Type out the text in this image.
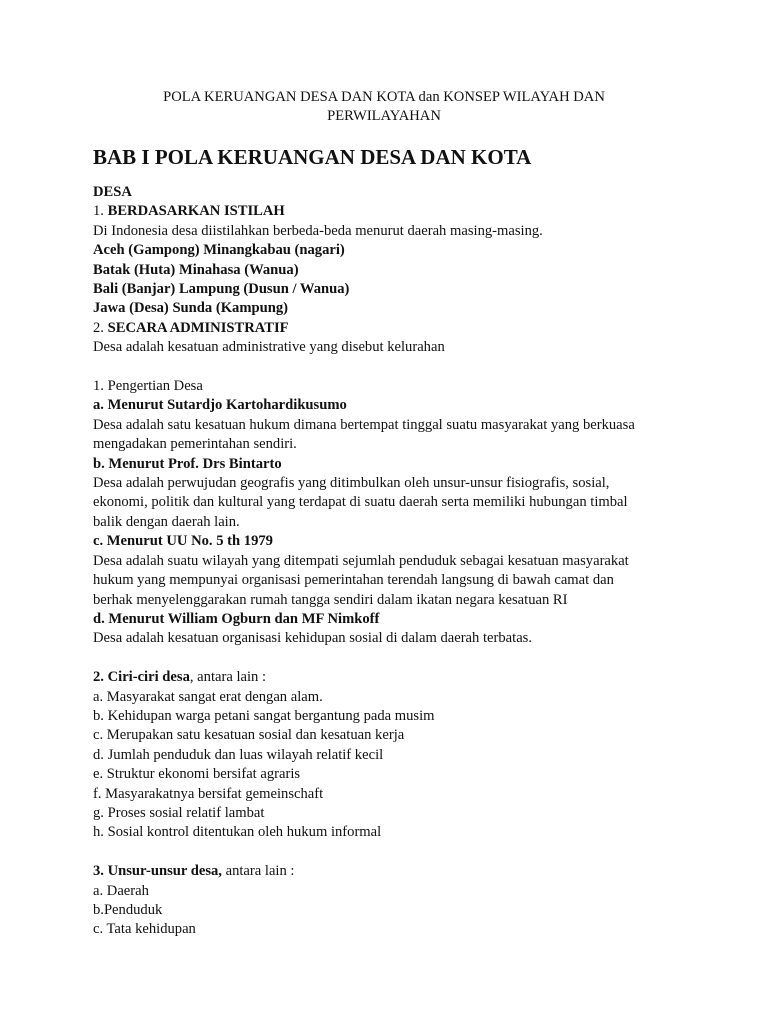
POLA KERUANGAN DESA DAN KOTA dan KONSEP WILAYAH DAN
PERWILAYAHAN
BAB I POLA KERUANGAN DESA DAN KOTA
DESA
1. BERDASARKAN ISTILAH
Di Indonesia desa diistilahkan berbeda-beda menurut daerah masing-masing.
Aceh (Gampong) Minangkabau (nagari)
Batak (Huta) Minahasa (Wanua)
Bali (Banjar) Lampung (Dusun / Wanua)
Jawa (Desa) Sunda (Kampung)
2. SECARA ADMINISTRATIF
Desa adalah kesatuan administrative yang disebut kelurahan
1. Pengertian Desa
a. Menurut Sutardjo Kartohardikusumo
Desa adalah satu kesatuan hukum dimana bertempat tinggal suatu masyarakat yang berkuasa
mengadakan pemerintahan sendiri.
b. Menurut Prof. Drs Bintarto
Desa adalah perwujudan geografis yang ditimbulkan oleh unsur-unsur fisiografis, sosial,
ekonomi, politik dan kultural yang terdapat di suatu daerah serta memiliki hubungan timbal
balik dengan daerah lain.
c. Menurut UU No. 5 th 1979
Desa adalah suatu wilayah yang ditempati sejumlah penduduk sebagai kesatuan masyarakat
hukum yang mempunyai organisasi pemerintahan terendah langsung di bawah camat dan
berhak menyelenggarakan rumah tangga sendiri dalam ikatan negara kesatuan RI
d. Menurut William Ogburn dan MF Nimkoff
Desa adalah kesatuan organisasi kehidupan sosial di dalam daerah terbatas.
2. Ciri-ciri desa, antara lain :
a. Masyarakat sangat erat dengan alam.
b. Kehidupan warga petani sangat bergantung pada musim
c. Merupakan satu kesatuan sosial dan kesatuan kerja
d. Jumlah penduduk dan luas wilayah relatif kecil
e. Struktur ekonomi bersifat agraris
f. Masyarakatnya bersifat gemeinschaft
g. Proses sosial relatif lambat
h. Sosial kontrol ditentukan oleh hukum informal
3. Unsur-unsur desa, antara lain :
a. Daerah
b.Penduduk
c. Tata kehidupan
